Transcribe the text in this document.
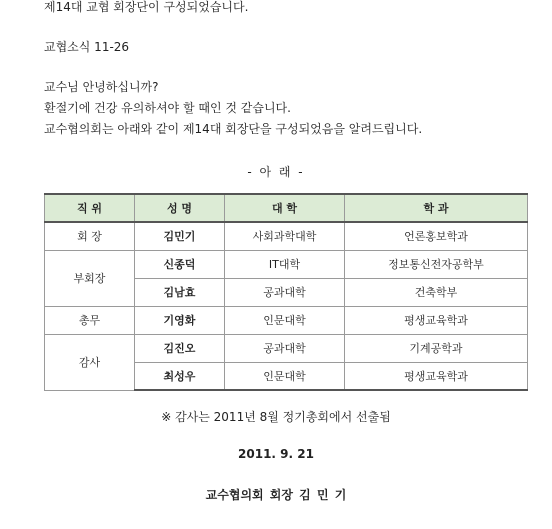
제14대 교협 회장단이 구성되었습니다.
교협소식 11-26
교수님 안녕하십니까?
환절기에 건강 유의하셔야 할 때인 것 같습니다.
교수협의회는 아래와 같이 제14대 회장단을 구성되었음을 알려드립니다.
- 아 래 -
직 위	성 명	대 학	학 과
회 장	김민기	사회과학대학	언론홍보학과
부회장	신종덕	IT대학	정보통신전자공학부
	김남효	공과대학	건축학부
총무	기영화	인문대학	평생교육학과
감사	김진오	공과대학	기계공학과
	최성우	인문대학	평생교육학과
※ 감사는 2011년 8월 정기총회에서 선출됨
2011. 9. 21
교수협의회 회장 김 민 기
